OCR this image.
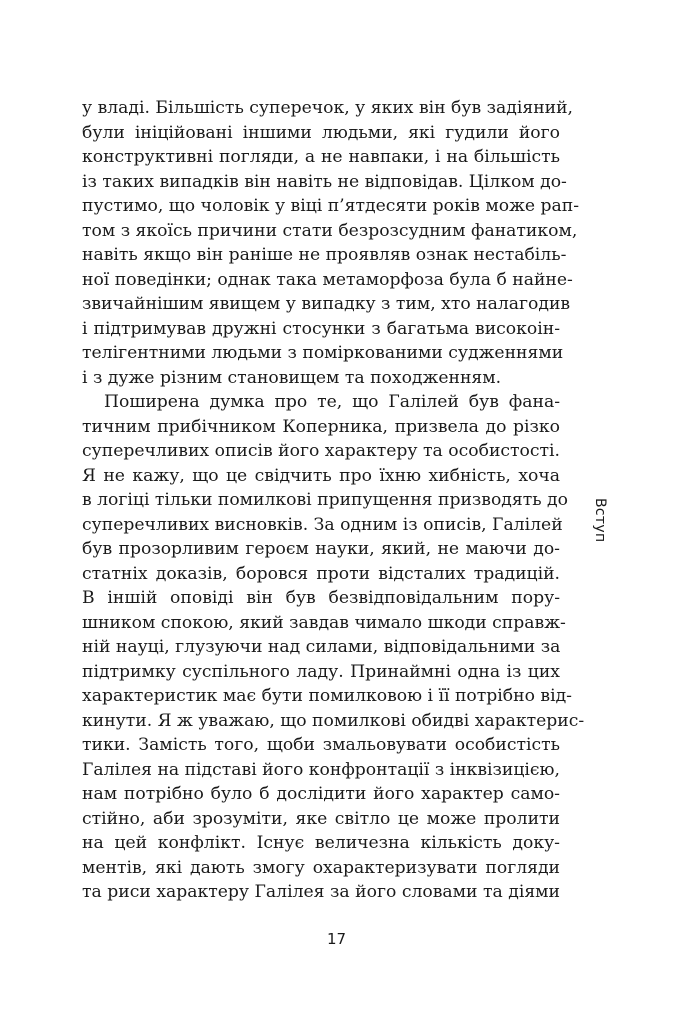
у владі. Більшість суперечок, у яких він був задіяний,
були ініційовані іншими людьми, які гудили його
конструктивні погляди, а не навпаки, і на більшість
із таких випадків він навіть не відповідав. Цілком до-
пустимо, що чоловік у віці п’ятдесяти років може рап-
том з якоїсь причини стати безрозсудним фанатиком,
навіть якщо він раніше не проявляв ознак нестабіль-
ної поведінки; однак така метаморфоза була б найне-
звичайнішим явищем у випадку з тим, хто налагодив
і підтримував дружні стосунки з багатьма високоін-
телігентними людьми з поміркованими судженнями
і з дуже різним становищем та походженням.
Поширена думка про те, що Галілей був фана-
тичним прибічником Коперника, призвела до різко
суперечливих описів його характеру та особистості.
Я не кажу, що це свідчить про їхню хибність, хоча
в логіці тільки помилкові припущення призводять до
суперечливих висновків. За одним із описів, Галілей
був прозорливим героєм науки, який, не маючи до-
статніх доказів, боровся проти відсталих традицій.
В іншій оповіді він був безвідповідальним пору-
шником спокою, який завдав чимало шкоди справж-
ній науці, глузуючи над силами, відповідальними за
підтримку суспільного ладу. Принаймні одна із цих
характеристик має бути помилковою і її потрібно від-
кинути. Я ж уважаю, що помилкові обидві характерис-
тики. Замість того, щоби змальовувати особистість
Галілея на підставі його конфронтації з інквізицією,
нам потрібно було б дослідити його характер само-
стійно, аби зрозуміти, яке світло це може пролити
на цей конфлікт. Існує величезна кількість доку-
ментів, які дають змогу охарактеризувати погляди
та риси характеру Галілея за його словами та діями
Вступ
17
